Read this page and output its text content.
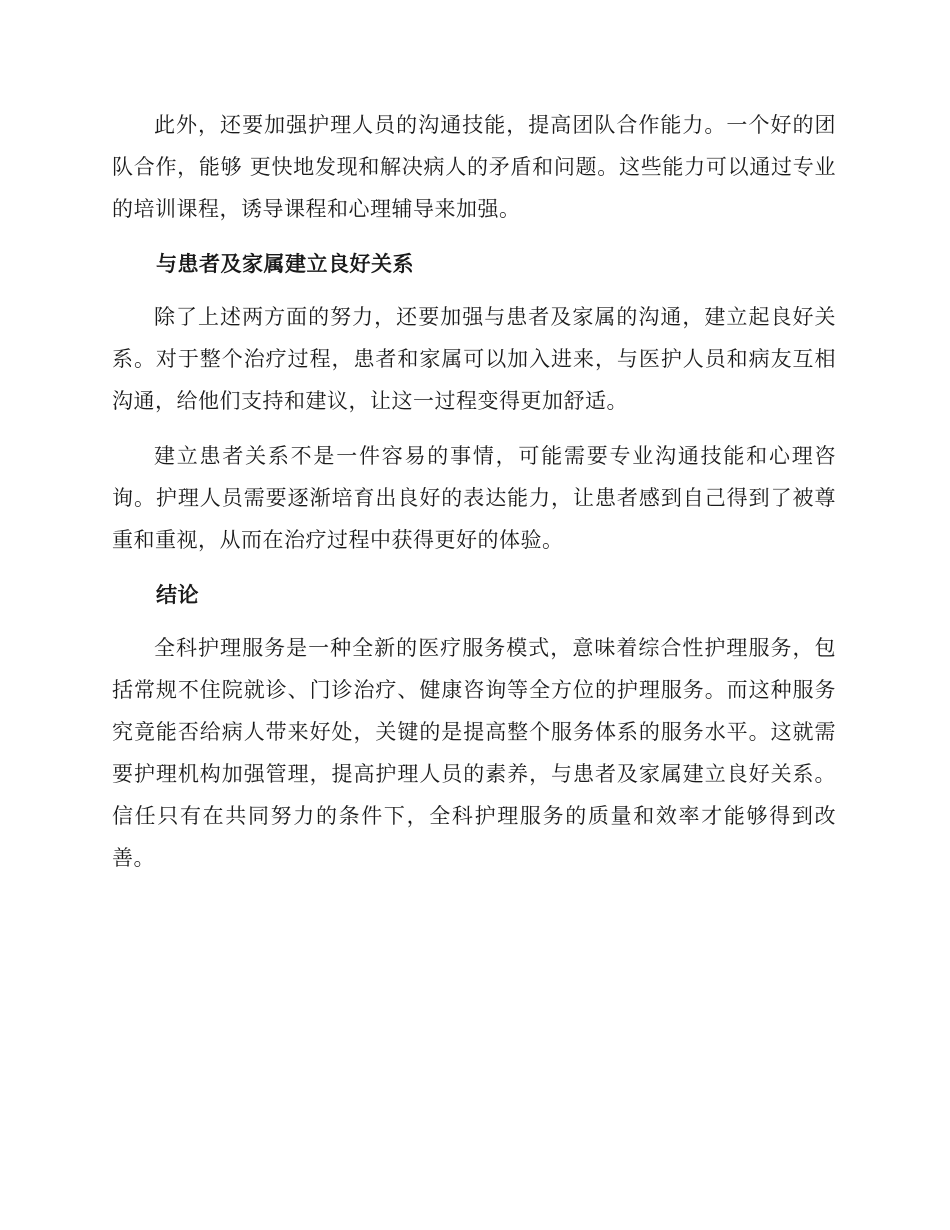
此外，还要加强护理人员的沟通技能，提高团队合作能力。一个好的团队合作，能够 更快地发现和解决病人的矛盾和问题。这些能力可以通过专业的培训课程，诱导课程和心理辅导来加强。

与患者及家属建立良好关系

除了上述两方面的努力，还要加强与患者及家属的沟通，建立起良好关系。对于整个治疗过程，患者和家属可以加入进来，与医护人员和病友互相沟通，给他们支持和建议，让这一过程变得更加舒适。

建立患者关系不是一件容易的事情，可能需要专业沟通技能和心理咨询。护理人员需要逐渐培育出良好的表达能力，让患者感到自己得到了被尊重和重视，从而在治疗过程中获得更好的体验。

结论

全科护理服务是一种全新的医疗服务模式，意味着综合性护理服务，包括常规不住院就诊、门诊治疗、健康咨询等全方位的护理服务。而这种服务究竟能否给病人带来好处，关键的是提高整个服务体系的服务水平。这就需要护理机构加强管理，提高护理人员的素养，与患者及家属建立良好关系。信任只有在共同努力的条件下，全科护理服务的质量和效率才能够得到改善。
